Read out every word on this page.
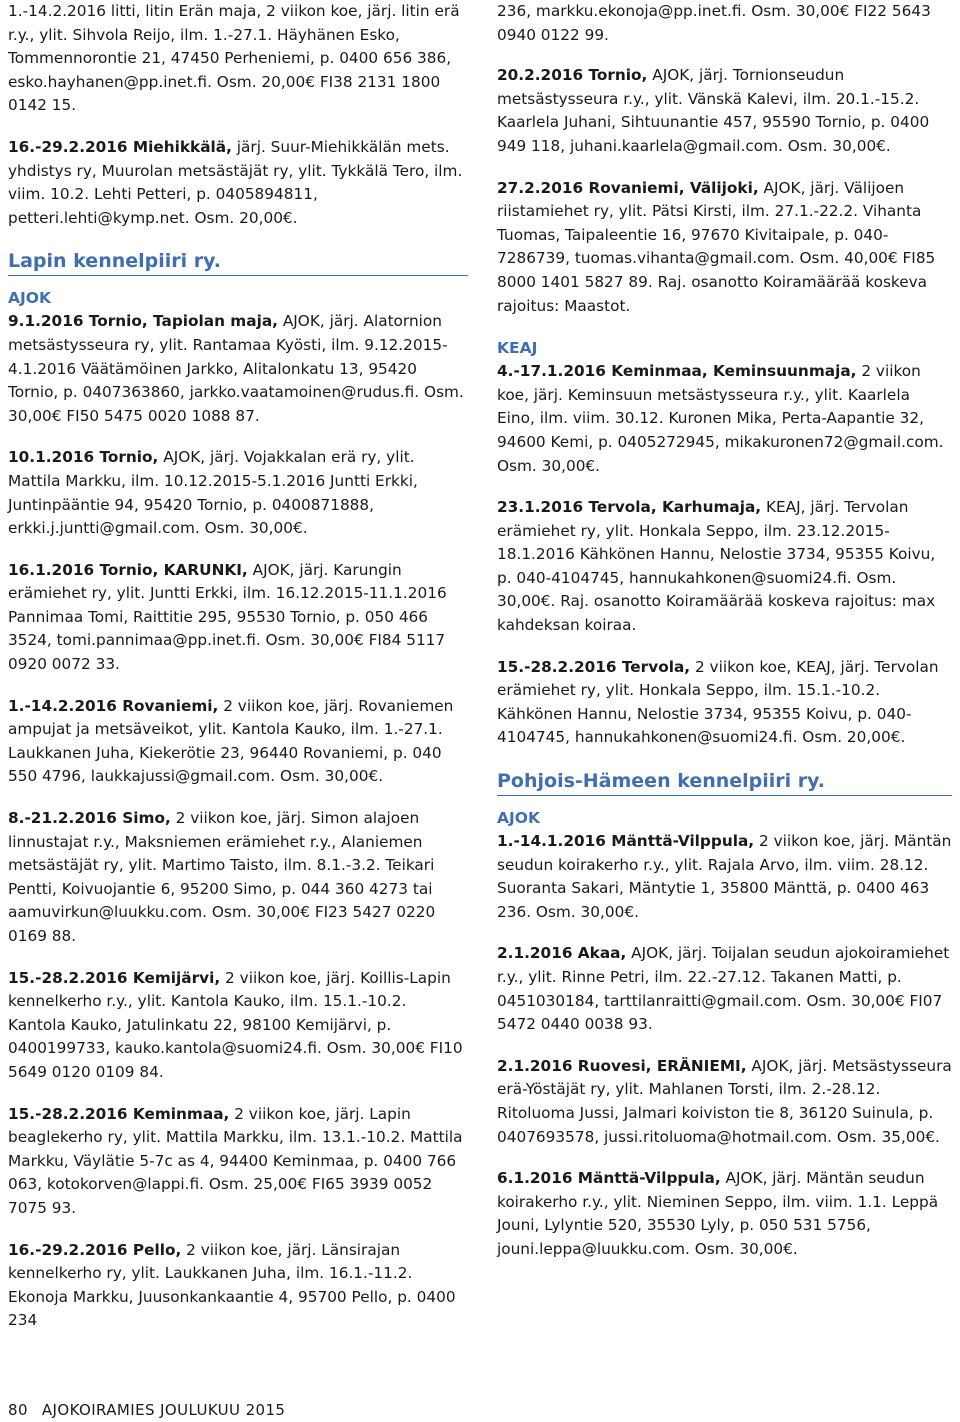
1.-14.2.2016 litti, litin Erän maja, 2 viikon koe, järj. litin erä r.y., ylit. Sihvola Reijo, ilm. 1.-27.1. Häyhänen Esko, Tommennorontie 21, 47450 Perheniemi, p. 0400 656 386, esko.hayhanen@pp.inet.fi. Osm. 20,00€ FI38 2131 1800 0142 15.

16.-29.2.2016 Miehikkälä, järj. Suur-Miehikkälän mets. yhdistys ry, Muurolan metsästäjät ry, ylit. Tykkälä Tero, ilm. viim. 10.2. Lehti Petteri, p. 0405894811, petteri.lehti@kymp.net. Osm. 20,00€.

Lapin kennelpiiri ry.
AJOK

9.1.2016 Tornio, Tapiolan maja, AJOK, järj. Alatornion metsästysseura ry, ylit. Rantamaa Kyösti, ilm. 9.12.2015-4.1.2016 Väätämöinen Jarkko, Alitalonkatu 13, 95420 Tornio, p. 0407363860, jarkko.vaatamoinen@rudus.fi. Osm. 30,00€ FI50 5475 0020 1088 87.

10.1.2016 Tornio, AJOK, järj. Vojakkalan erä ry, ylit. Mattila Markku, ilm. 10.12.2015-5.1.2016 Juntti Erkki, Juntinpääntie 94, 95420 Tornio, p. 0400871888, erkki.j.juntti@gmail.com. Osm. 30,00€.

16.1.2016 Tornio, KARUNKI, AJOK, järj. Karungin erämiehet ry, ylit. Juntti Erkki, ilm. 16.12.2015-11.1.2016 Pannimaa Tomi, Raittitie 295, 95530 Tornio, p. 050 466 3524, tomi.pannimaa@pp.inet.fi. Osm. 30,00€ FI84 5117 0920 0072 33.

1.-14.2.2016 Rovaniemi, 2 viikon koe, järj. Rovaniemen ampujat ja metsäveikot, ylit. Kantola Kauko, ilm. 1.-27.1. Laukkanen Juha, Kiekerötie 23, 96440 Rovaniemi, p. 040 550 4796, laukkajussi@gmail.com. Osm. 30,00€.

8.-21.2.2016 Simo, 2 viikon koe, järj. Simon alajoen linnustajat r.y., Maksniemen erämiehet r.y., Alaniemen metsästäjät ry, ylit. Martimo Taisto, ilm. 8.1.-3.2. Teikari Pentti, Koivuojantie 6, 95200 Simo, p. 044 360 4273 tai aamuvirkun@luukku.com. Osm. 30,00€ FI23 5427 0220 0169 88.

15.-28.2.2016 Kemijärvi, 2 viikon koe, järj. Koillis-Lapin kennelkerho r.y., ylit. Kantola Kauko, ilm. 15.1.-10.2. Kantola Kauko, Jatulinkatu 22, 98100 Kemijärvi, p. 0400199733, kauko.kantola@suomi24.fi. Osm. 30,00€ FI10 5649 0120 0109 84.

15.-28.2.2016 Keminmaa, 2 viikon koe, järj. Lapin beaglekerho ry, ylit. Mattila Markku, ilm. 13.1.-10.2. Mattila Markku, Väylätie 5-7c as 4, 94400 Keminmaa, p. 0400 766 063, kotokorven@lappi.fi. Osm. 25,00€ FI65 3939 0052 7075 93.

16.-29.2.2016 Pello, 2 viikon koe, järj. Länsirajan kennelkerho ry, ylit. Laukkanen Juha, ilm. 16.1.-11.2. Ekonoja Markku, Juusonkankaantie 4, 95700 Pello, p. 0400 234

236, markku.ekonoja@pp.inet.fi. Osm. 30,00€ FI22 5643 0940 0122 99.

20.2.2016 Tornio, AJOK, järj. Tornionseudun metsästysseura r.y., ylit. Vänskä Kalevi, ilm. 20.1.-15.2. Kaarlela Juhani, Sihtuunantie 457, 95590 Tornio, p. 0400 949 118, juhani.kaarlela@gmail.com. Osm. 30,00€.

27.2.2016 Rovaniemi, Välijoki, AJOK, järj. Välijoen riistamiehet ry, ylit. Pätsi Kirsti, ilm. 27.1.-22.2. Vihanta Tuomas, Taipaleentie 16, 97670 Kivitaipale, p. 040-7286739, tuomas.vihanta@gmail.com. Osm. 40,00€ FI85 8000 1401 5827 89. Raj. osanotto Koiramäärää koskeva rajoitus: Maastot.

KEAJ

4.-17.1.2016 Keminmaa, Keminsuunmaja, 2 viikon koe, järj. Keminsuun metsästysseura r.y., ylit. Kaarlela Eino, ilm. viim. 30.12. Kuronen Mika, Perta-Aapantie 32, 94600 Kemi, p. 0405272945, mikakuronen72@gmail.com. Osm. 30,00€.

23.1.2016 Tervola, Karhumaja, KEAJ, järj. Tervolan erämiehet ry, ylit. Honkala Seppo, ilm. 23.12.2015-18.1.2016 Kähkönen Hannu, Nelostie 3734, 95355 Koivu, p. 040-4104745, hannukahkonen@suomi24.fi. Osm. 30,00€. Raj. osanotto Koiramäärää koskeva rajoitus: max kahdeksan koiraa.

15.-28.2.2016 Tervola, 2 viikon koe, KEAJ, järj. Tervolan erämiehet ry, ylit. Honkala Seppo, ilm. 15.1.-10.2. Kähkönen Hannu, Nelostie 3734, 95355 Koivu, p. 040-4104745, hannukahkonen@suomi24.fi. Osm. 20,00€.

Pohjois-Hämeen kennelpiiri ry.
AJOK

1.-14.1.2016 Mänttä-Vilppula, 2 viikon koe, järj. Mäntän seudun koirakerho r.y., ylit. Rajala Arvo, ilm. viim. 28.12. Suoranta Sakari, Mäntytie 1, 35800 Mänttä, p. 0400 463 236. Osm. 30,00€.

2.1.2016 Akaa, AJOK, järj. Toijalan seudun ajokoiramiehet r.y., ylit. Rinne Petri, ilm. 22.-27.12. Takanen Matti, p. 0451030184, tarttilanraitti@gmail.com. Osm. 30,00€ FI07 5472 0440 0038 93.

2.1.2016 Ruovesi, ERÄNIEMI, AJOK, järj. Metsästysseura erä-Yöstäjät ry, ylit. Mahlanen Torsti, ilm. 2.-28.12. Ritoluoma Jussi, Jalmari koiviston tie 8, 36120 Suinula, p. 0407693578, jussi.ritoluoma@hotmail.com. Osm. 35,00€.

6.1.2016 Mänttä-Vilppula, AJOK, järj. Mäntän seudun koirakerho r.y., ylit. Nieminen Seppo, ilm. viim. 1.1. Leppä Jouni, Lylyntie 520, 35530 Lyly, p. 050 531 5756, jouni.leppa@luukku.com. Osm. 30,00€.

80 AJOKOIRAMIES JOULUKUU 2015
